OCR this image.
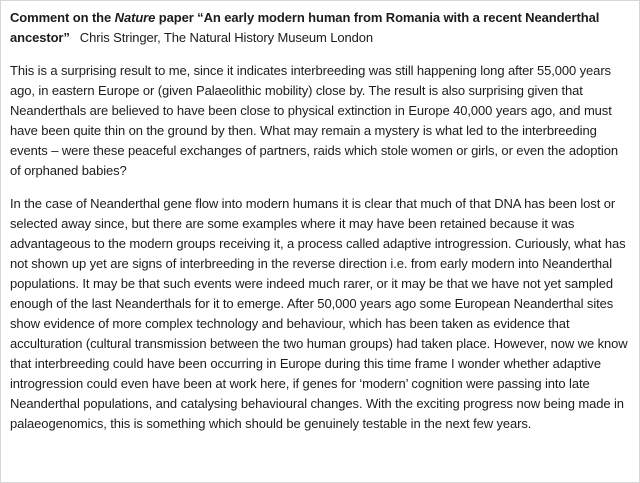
Comment on the Nature paper “An early modern human from Romania with a recent Neanderthal ancestor” Chris Stringer, The Natural History Museum London

This is a surprising result to me, since it indicates interbreeding was still happening long after 55,000 years ago, in eastern Europe or (given Palaeolithic mobility) close by. The result is also surprising given that Neanderthals are believed to have been close to physical extinction in Europe 40,000 years ago, and must have been quite thin on the ground by then. What may remain a mystery is what led to the interbreeding events – were these peaceful exchanges of partners, raids which stole women or girls, or even the adoption of orphaned babies?

In the case of Neanderthal gene flow into modern humans it is clear that much of that DNA has been lost or selected away since, but there are some examples where it may have been retained because it was advantageous to the modern groups receiving it, a process called adaptive introgression. Curiously, what has not shown up yet are signs of interbreeding in the reverse direction i.e. from early modern into Neanderthal populations. It may be that such events were indeed much rarer, or it may be that we have not yet sampled enough of the last Neanderthals for it to emerge. After 50,000 years ago some European Neanderthal sites show evidence of more complex technology and behaviour, which has been taken as evidence that acculturation (cultural transmission between the two human groups) had taken place. However, now we know that interbreeding could have been occurring in Europe during this time frame I wonder whether adaptive introgression could even have been at work here, if genes for ‘modern’ cognition were passing into late Neanderthal populations, and catalysing behavioural changes. With the exciting progress now being made in palaeogenomics, this is something which should be genuinely testable in the next few years.
